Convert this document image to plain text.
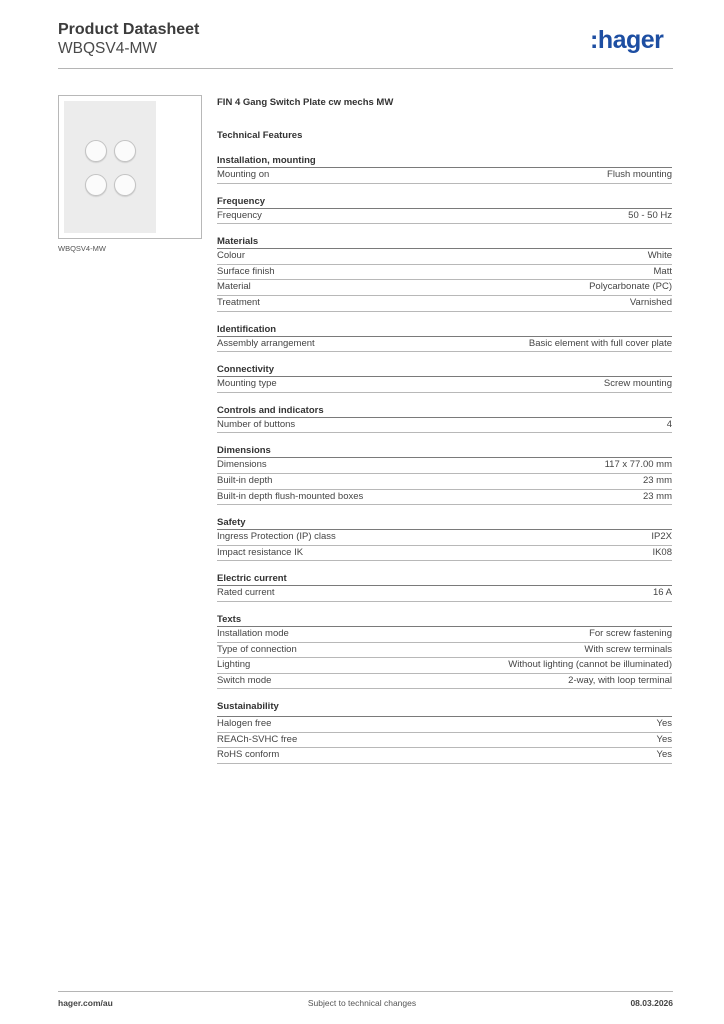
Product Datasheet
WBQSV4-MW	:hager
WBQSV4-MW
FIN 4 Gang Switch Plate cw mechs MW
Technical Features
Installation, mounting
Mounting on	Flush mounting
Frequency
Frequency	50 - 50 Hz
Materials
Colour	White
Surface finish	Matt
Material	Polycarbonate (PC)
Treatment	Varnished
Identification
Assembly arrangement	Basic element with full cover plate
Connectivity
Mounting type	Screw mounting
Controls and indicators
Number of buttons	4
Dimensions
Dimensions	117 x 77.00 mm
Built-in depth	23 mm
Built-in depth flush-mounted boxes	23 mm
Safety
Ingress Protection (IP) class	IP2X
Impact resistance IK	IK08
Electric current
Rated current	16 A
Texts
Installation mode	For screw fastening
Type of connection	With screw terminals
Lighting	Without lighting (cannot be illuminated)
Switch mode	2-way, with loop terminal
Sustainability
Halogen free	Yes
REACh-SVHC free	Yes
RoHS conform	Yes
hager.com/au	Subject to technical changes	08.03.2026
